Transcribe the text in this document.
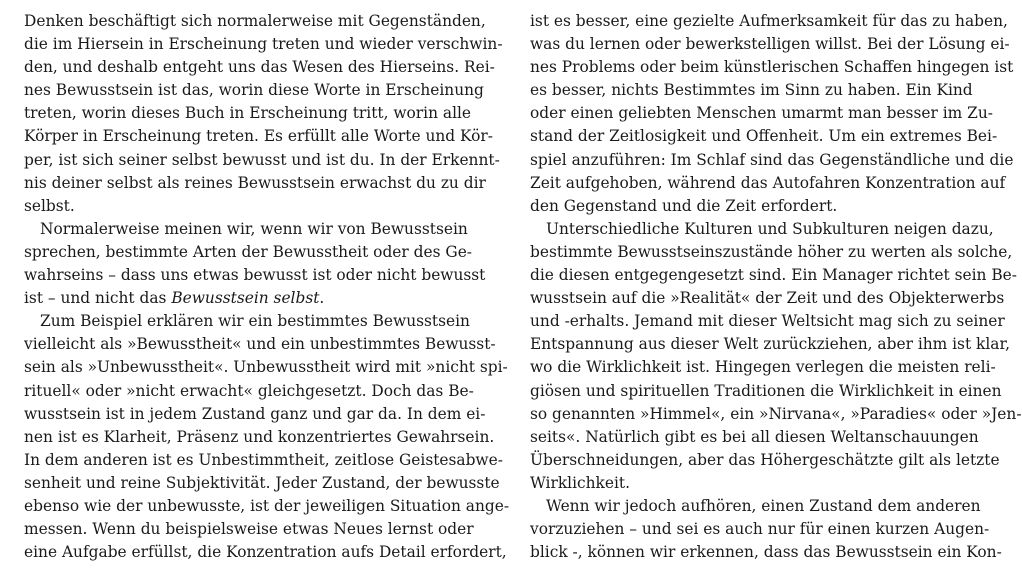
Denken beschäftigt sich normalerweise mit Gegenständen,
die im Hiersein in Erscheinung treten und wieder verschwin-
den, und deshalb entgeht uns das Wesen des Hierseins. Rei-
nes Bewusstsein ist das, worin diese Worte in Erscheinung
treten, worin dieses Buch in Erscheinung tritt, worin alle
Körper in Erscheinung treten. Es erfüllt alle Worte und Kör-
per, ist sich seiner selbst bewusst und ist du. In der Erkennt-
nis deiner selbst als reines Bewusstsein erwachst du zu dir
selbst.
Normalerweise meinen wir, wenn wir von Bewusstsein
sprechen, bestimmte Arten der Bewusstheit oder des Ge-
wahrseins – dass uns etwas bewusst ist oder nicht bewusst
ist – und nicht das Bewusstsein selbst.
Zum Beispiel erklären wir ein bestimmtes Bewusstsein
vielleicht als »Bewusstheit« und ein unbestimmtes Bewusst-
sein als »Unbewusstheit«. Unbewusstheit wird mit »nicht spi-
rituell« oder »nicht erwacht« gleichgesetzt. Doch das Be-
wusstsein ist in jedem Zustand ganz und gar da. In dem ei-
nen ist es Klarheit, Präsenz und konzentriertes Gewahrsein.
In dem anderen ist es Unbestimmtheit, zeitlose Geistesabwe-
senheit und reine Subjektivität. Jeder Zustand, der bewusste
ebenso wie der unbewusste, ist der jeweiligen Situation ange-
messen. Wenn du beispielsweise etwas Neues lernst oder
eine Aufgabe erfüllst, die Konzentration aufs Detail erfordert,
ist es besser, eine gezielte Aufmerksamkeit für das zu haben,
was du lernen oder bewerkstelligen willst. Bei der Lösung ei-
nes Problems oder beim künstlerischen Schaffen hingegen ist
es besser, nichts Bestimmtes im Sinn zu haben. Ein Kind
oder einen geliebten Menschen umarmt man besser im Zu-
stand der Zeitlosigkeit und Offenheit. Um ein extremes Bei-
spiel anzuführen: Im Schlaf sind das Gegenständliche und die
Zeit aufgehoben, während das Autofahren Konzentration auf
den Gegenstand und die Zeit erfordert.
Unterschiedliche Kulturen und Subkulturen neigen dazu,
bestimmte Bewusstseinszustände höher zu werten als solche,
die diesen entgegengesetzt sind. Ein Manager richtet sein Be-
wusstsein auf die »Realität« der Zeit und des Objekterwerbs
und -erhalts. Jemand mit dieser Weltsicht mag sich zu seiner
Entspannung aus dieser Welt zurückziehen, aber ihm ist klar,
wo die Wirklichkeit ist. Hingegen verlegen die meisten reli-
giösen und spirituellen Traditionen die Wirklichkeit in einen
so genannten »Himmel«, ein »Nirvana«, »Paradies« oder »Jen-
seits«. Natürlich gibt es bei all diesen Weltanschauungen
Überschneidungen, aber das Höhergeschätzte gilt als letzte
Wirklichkeit.
Wenn wir jedoch aufhören, einen Zustand dem anderen
vorzuziehen – und sei es auch nur für einen kurzen Augen-
blick -, können wir erkennen, dass das Bewusstsein ein Kon-
